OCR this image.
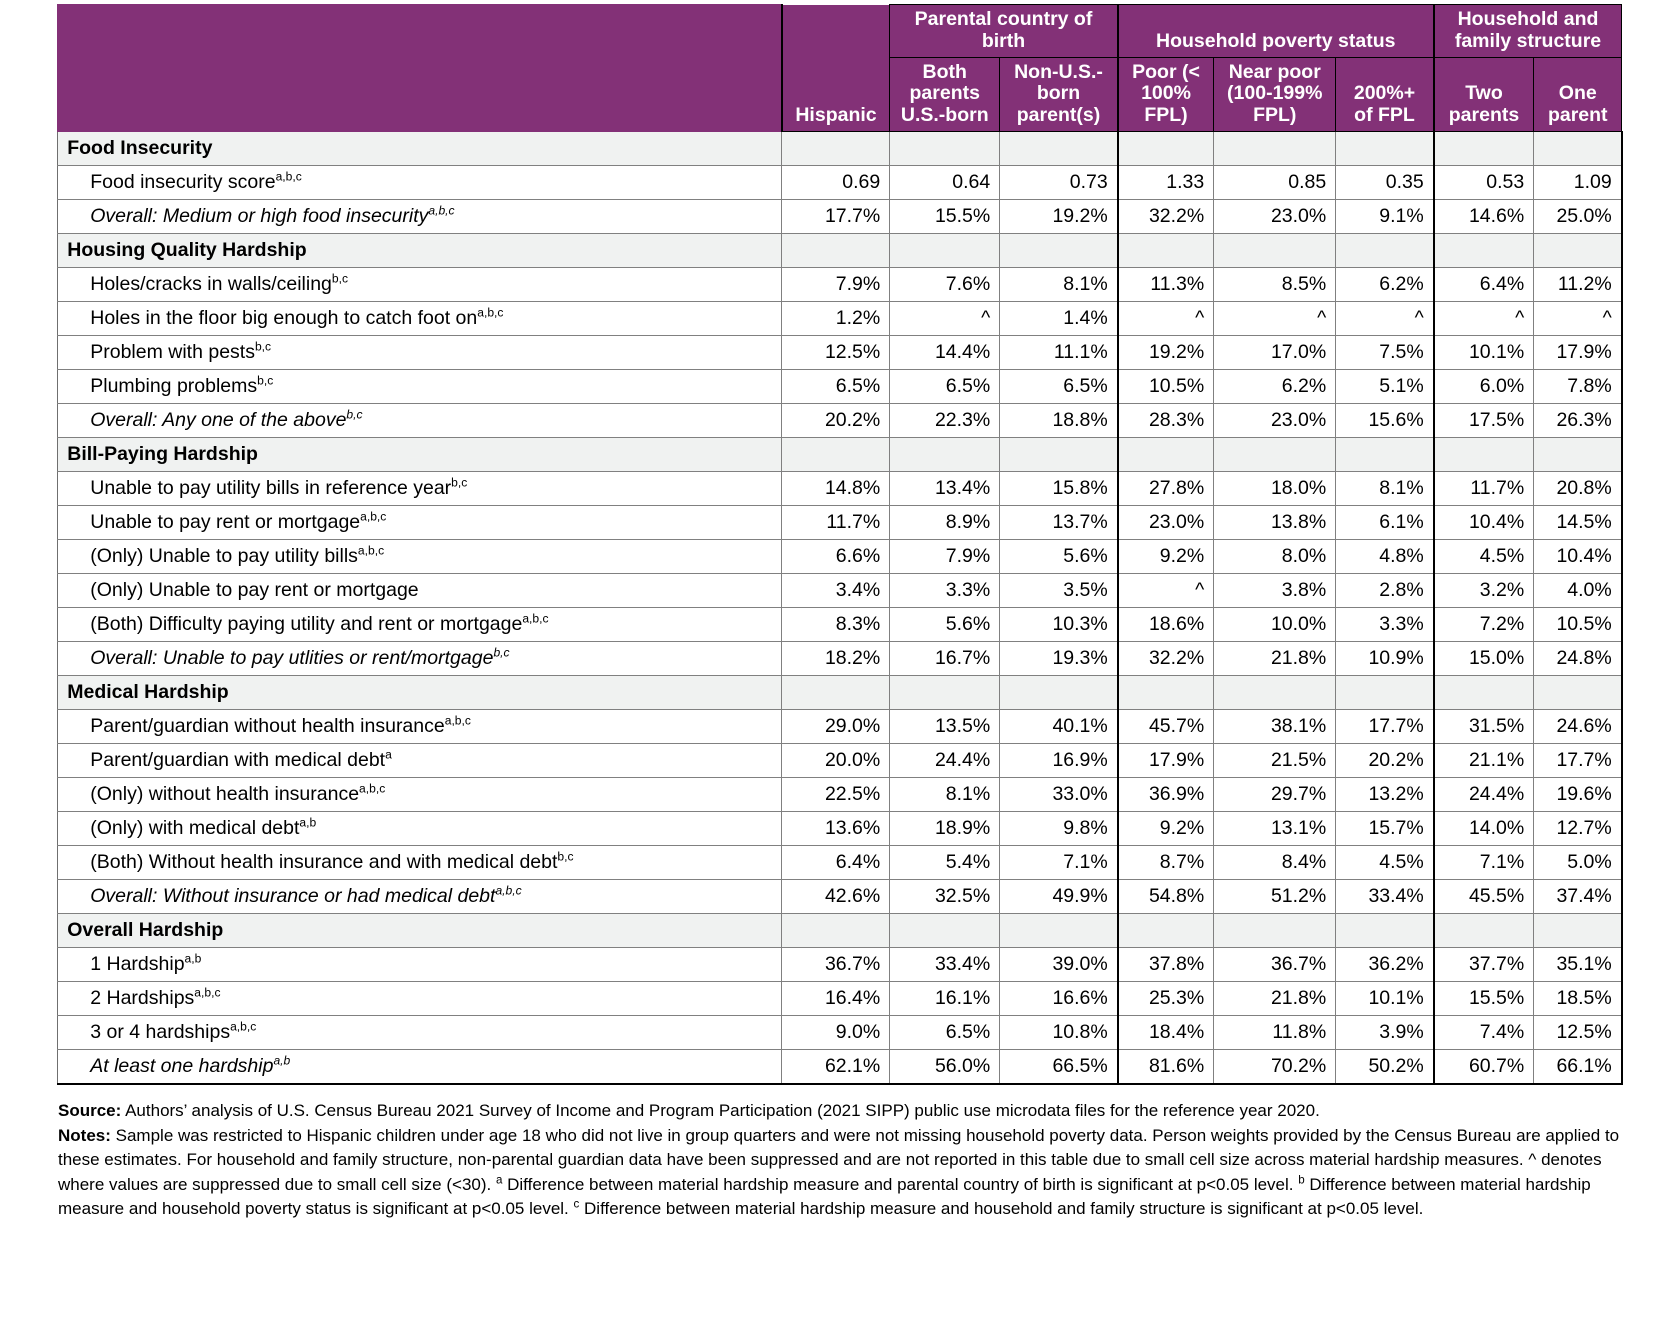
		Parental country of birth		Household poverty status			Household and family structure	
	Hispanic	Both parents U.S.-born	Non-U.S.-born parent(s)	Poor (< 100% FPL)	Near poor (100-199% FPL)	200%+ of FPL	Two parents	One parent
Food Insecurity								
Food insecurity score$^{a,b,c}$	0.69	0.64	0.73	1.33	0.85	0.35	0.53	1.09
Overall: Medium or high food insecurity$^{a,b,c}$	17.7%	15.5%	19.2%	32.2%	23.0%	9.1%	14.6%	25.0%
Housing Quality Hardship								
Holes/cracks in walls/ceiling$^{b,c}$	7.9%	7.6%	8.1%	11.3%	8.5%	6.2%	6.4%	11.2%
Holes in the floor big enough to catch foot on$^{a,b,c}$	1.2%	^	1.4%	^	^	^	^	^
Problem with pests$^{b,c}$	12.5%	14.4%	11.1%	19.2%	17.0%	7.5%	10.1%	17.9%
Plumbing problems$^{b,c}$	6.5%	6.5%	6.5%	10.5%	6.2%	5.1%	6.0%	7.8%
Overall: Any one of the above$^{b,c}$	20.2%	22.3%	18.8%	28.3%	23.0%	15.6%	17.5%	26.3%
Bill-Paying Hardship								
Unable to pay utility bills in reference year$^{b,c}$	14.8%	13.4%	15.8%	27.8%	18.0%	8.1%	11.7%	20.8%
Unable to pay rent or mortgage$^{a,b,c}$	11.7%	8.9%	13.7%	23.0%	13.8%	6.1%	10.4%	14.5%
(Only) Unable to pay utility bills$^{a,b,c}$	6.6%	7.9%	5.6%	9.2%	8.0%	4.8%	4.5%	10.4%
(Only) Unable to pay rent or mortgage	3.4%	3.3%	3.5%	^	3.8%	2.8%	3.2%	4.0%
(Both) Difficulty paying utility and rent or mortgage$^{a,b,c}$	8.3%	5.6%	10.3%	18.6%	10.0%	3.3%	7.2%	10.5%
Overall: Unable to pay utlities or rent/mortgage$^{b,c}$	18.2%	16.7%	19.3%	32.2%	21.8%	10.9%	15.0%	24.8%
Medical Hardship								
Parent/guardian without health insurance$^{a,b,c}$	29.0%	13.5%	40.1%	45.7%	38.1%	17.7%	31.5%	24.6%
Parent/guardian with medical debt$^a$	20.0%	24.4%	16.9%	17.9%	21.5%	20.2%	21.1%	17.7%
(Only) without health insurance$^{a,b,c}$	22.5%	8.1%	33.0%	36.9%	29.7%	13.2%	24.4%	19.6%
(Only) with medical debt$^{a,b}$	13.6%	18.9%	9.8%	9.2%	13.1%	15.7%	14.0%	12.7%
(Both) Without health insurance and with medical debt$^{b,c}$	6.4%	5.4%	7.1%	8.7%	8.4%	4.5%	7.1%	5.0%
Overall: Without insurance or had medical debt$^{a,b,c}$	42.6%	32.5%	49.9%	54.8%	51.2%	33.4%	45.5%	37.4%
Overall Hardship								
1 Hardship$^{a,b}$	36.7%	33.4%	39.0%	37.8%	36.7%	36.2%	37.7%	35.1%
2 Hardships$^{a,b,c}$	16.4%	16.1%	16.6%	25.3%	21.8%	10.1%	15.5%	18.5%
3 or 4 hardships$^{a,b,c}$	9.0%	6.5%	10.8%	18.4%	11.8%	3.9%	7.4%	12.5%
At least one hardship$^{a,b}$	62.1%	56.0%	66.5%	81.6%	70.2%	50.2%	60.7%	66.1%

Source: Authors’ analysis of U.S. Census Bureau 2021 Survey of Income and Program Participation (2021 SIPP) public use microdata files for the reference year 2020.

Notes: Sample was restricted to Hispanic children under age 18 who did not live in group quarters and were not missing household poverty data. Person weights provided by the Census Bureau are applied to these estimates. For household and family structure, non-parental guardian data have been suppressed and are not reported in this table due to small cell size across material hardship measures. ^ denotes where values are suppressed due to small cell size (<30). $^a$ Difference between material hardship measure and parental country of birth is significant at p<0.05 level. $^b$ Difference between material hardship measure and household poverty status is significant at p<0.05 level. $^c$ Difference between material hardship measure and household and family structure is significant at p<0.05 level.
